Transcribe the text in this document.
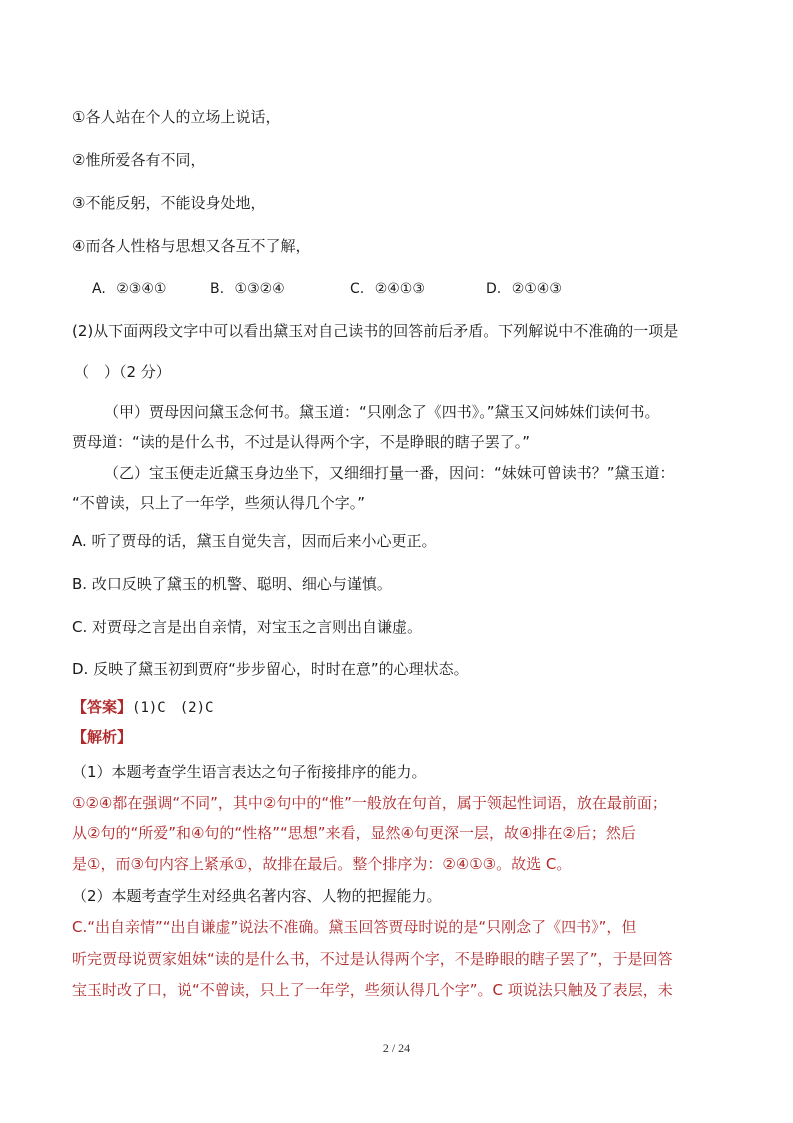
①各人站在个人的立场上说话，
②惟所爱各有不同，
③不能反躬，不能设身处地，
④而各人性格与思想又各互不了解，
A. ②③④①	B. ①③②④	C. ②④①③	D. ②①④③
(2)从下面两段文字中可以看出黛玉对自己读书的回答前后矛盾。下列解说中不准确的一项是
（　）（2 分）
（甲）贾母因问黛玉念何书。黛玉道：“只刚念了《四书》。”黛玉又问姊妹们读何书。
贾母道：“读的是什么书，不过是认得两个字，不是睁眼的瞎子罢了。”
（乙）宝玉便走近黛玉身边坐下，又细细打量一番，因问：“妹妹可曾读书？”黛玉道：
“不曾读，只上了一年学，些须认得几个字。”
A. 听了贾母的话，黛玉自觉失言，因而后来小心更正。
B. 改口反映了黛玉的机警、聪明、细心与谨慎。
C. 对贾母之言是出自亲情，对宝玉之言则出自谦虚。
D. 反映了黛玉初到贾府“步步留心，时时在意”的心理状态。
【答案】(1)C　(2)C
【解析】
（1）本题考查学生语言表达之句子衔接排序的能力。
①②④都在强调“不同”，其中②句中的“惟”一般放在句首，属于领起性词语，放在最前面；
从②句的“所爱”和④句的“性格”“思想”来看，显然④句更深一层，故④排在②后；然后
是①，而③句内容上紧承①，故排在最后。整个排序为：②④①③。故选 C。
（2）本题考查学生对经典名著内容、人物的把握能力。
C.“出自亲情”“出自谦虚”说法不准确。黛玉回答贾母时说的是“只刚念了《四书》”，但
听完贾母说贾家姐妹“读的是什么书，不过是认得两个字，不是睁眼的瞎子罢了”，于是回答
宝玉时改了口，说“不曾读，只上了一年学，些须认得几个字”。C 项说法只触及了表层，未
2 / 24
